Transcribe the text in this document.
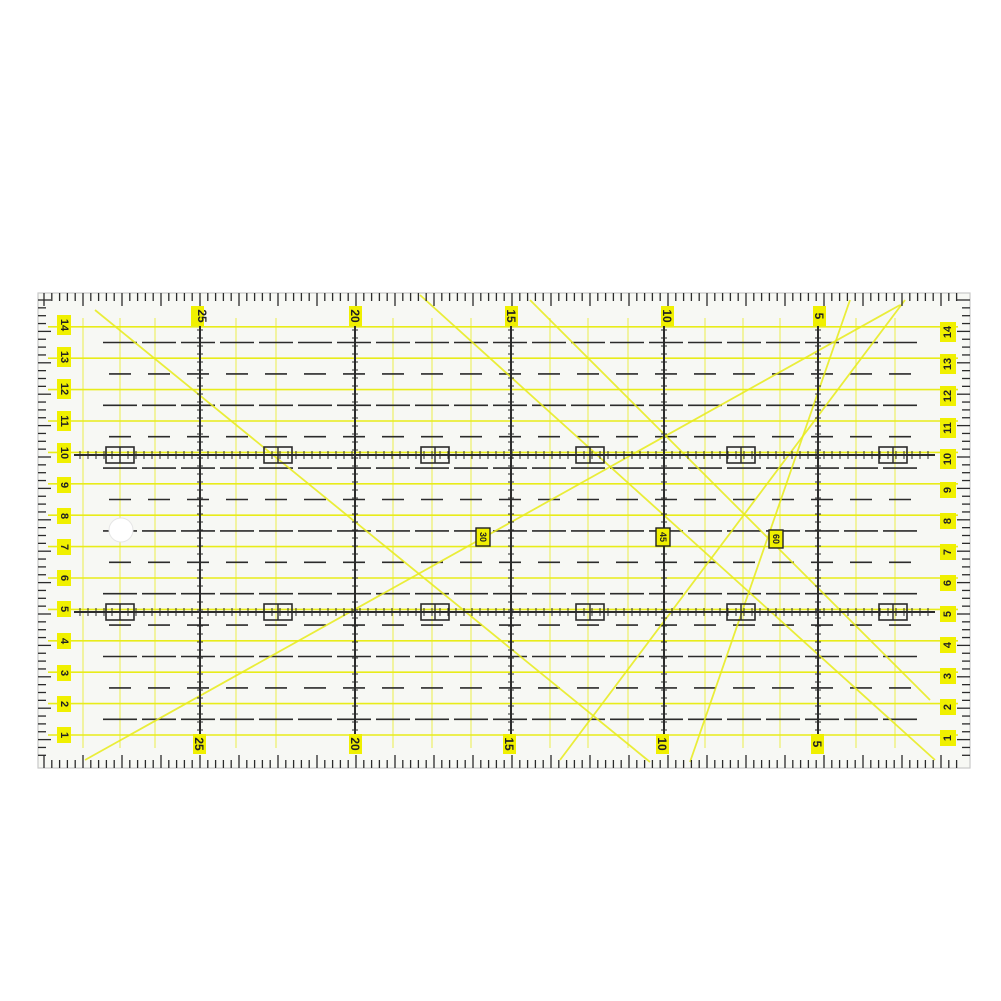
25	20	15	10	5
25	20	15	10	5
1
2
3
4
5
6
7
8
9
10
11
12
13
14
1
2
3
4
5
6
7
8
9
10
11
12
13
14
30	45	60
